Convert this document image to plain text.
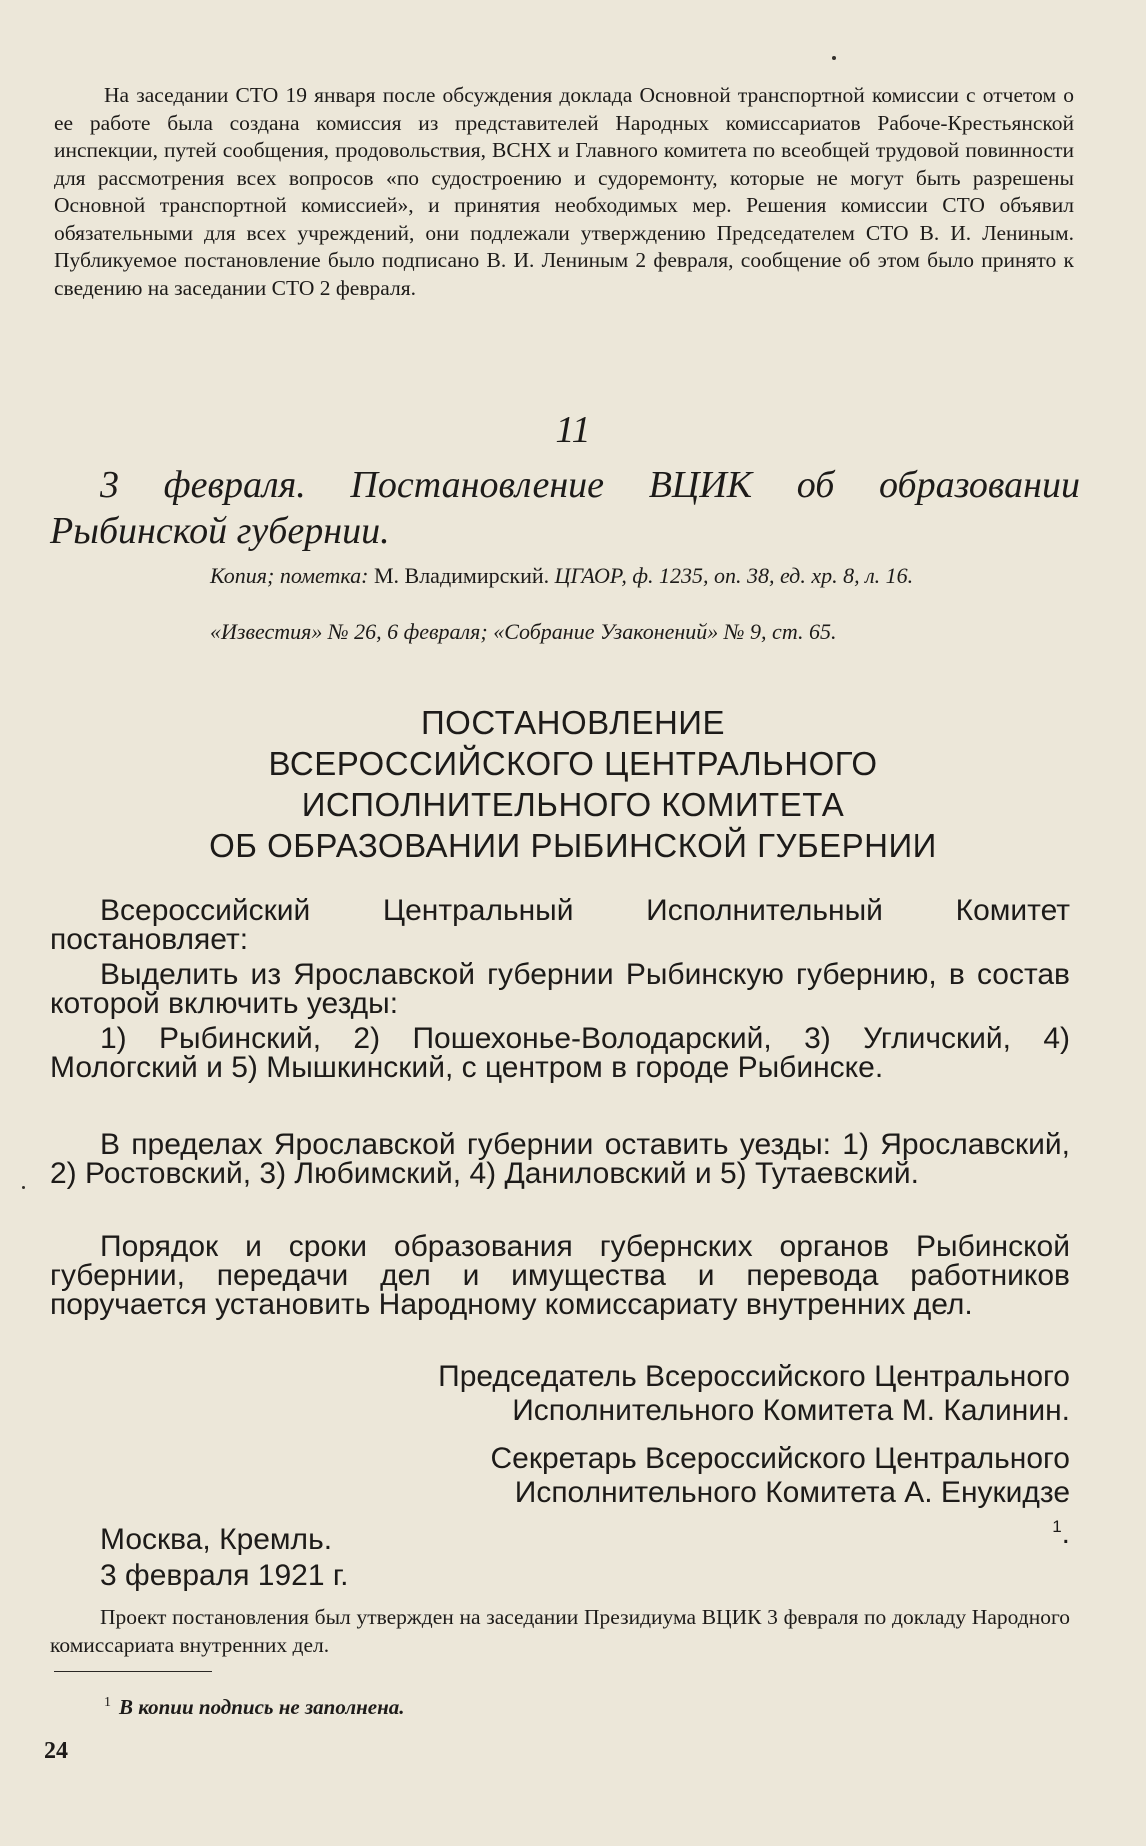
На заседании СТО 19 января после обсуждения доклада Основной транспортной комиссии с отчетом о ее работе была создана комиссия из представителей Народных комиссариатов Рабоче-Крестьянской инспекции, путей сообщения, продовольствия, ВСНХ и Главного комитета по всеобщей трудовой повинности для рассмотрения всех вопросов «по судостроению и судоремонту, которые не могут быть разрешены Основной транспортной комиссией», и принятия необходимых мер. Решения комиссии СТО объявил обязательными для всех учреждений, они подлежали утверждению Председателем СТО В. И. Лениным. Публикуемое постановление было подписано В. И. Лениным 2 февраля, сообщение об этом было принято к сведению на заседании СТО 2 февраля.

11

3 февраля. Постановление ВЦИК об образовании Рыбинской губернии.

Копия; пометка: М. Владимирский. ЦГАОР, ф. 1235, оп. 38, ед. хр. 8, л. 16.

«Известия» № 26, 6 февраля; «Собрание Узаконений» № 9, ст. 65.

ПОСТАНОВЛЕНИЕ
ВСЕРОССИЙСКОГО ЦЕНТРАЛЬНОГО
ИСПОЛНИТЕЛЬНОГО КОМИТЕТА
ОБ ОБРАЗОВАНИИ РЫБИНСКОЙ ГУБЕРНИИ

Всероссийский Центральный Исполнительный Комитет постановляет:

Выделить из Ярославской губернии Рыбинскую губернию, в состав которой включить уезды:

1) Рыбинский, 2) Пошехонье-Володарский, 3) Угличский, 4) Мологский и 5) Мышкинский, с центром в городе Рыбинске.

В пределах Ярославской губернии оставить уезды: 1) Ярославский, 2) Ростовский, 3) Любимский, 4) Даниловский и 5) Тутаевский.

Порядок и сроки образования губернских органов Рыбинской губернии, передачи дел и имущества и перевода работников поручается установить Народному комиссариату внутренних дел.

Председатель Всероссийского Центрального
Исполнительного Комитета М. Калинин.
Секретарь Всероссийского Центрального
Исполнительного Комитета А. Енукидзе
$^1$.
Москва, Кремль.
3 февраля 1921 г.

Проект постановления был утвержден на заседании Президиума ВЦИК 3 февраля по докладу Народного комиссариата внутренних дел.

$^1$ В копии подпись не заполнена.
24
